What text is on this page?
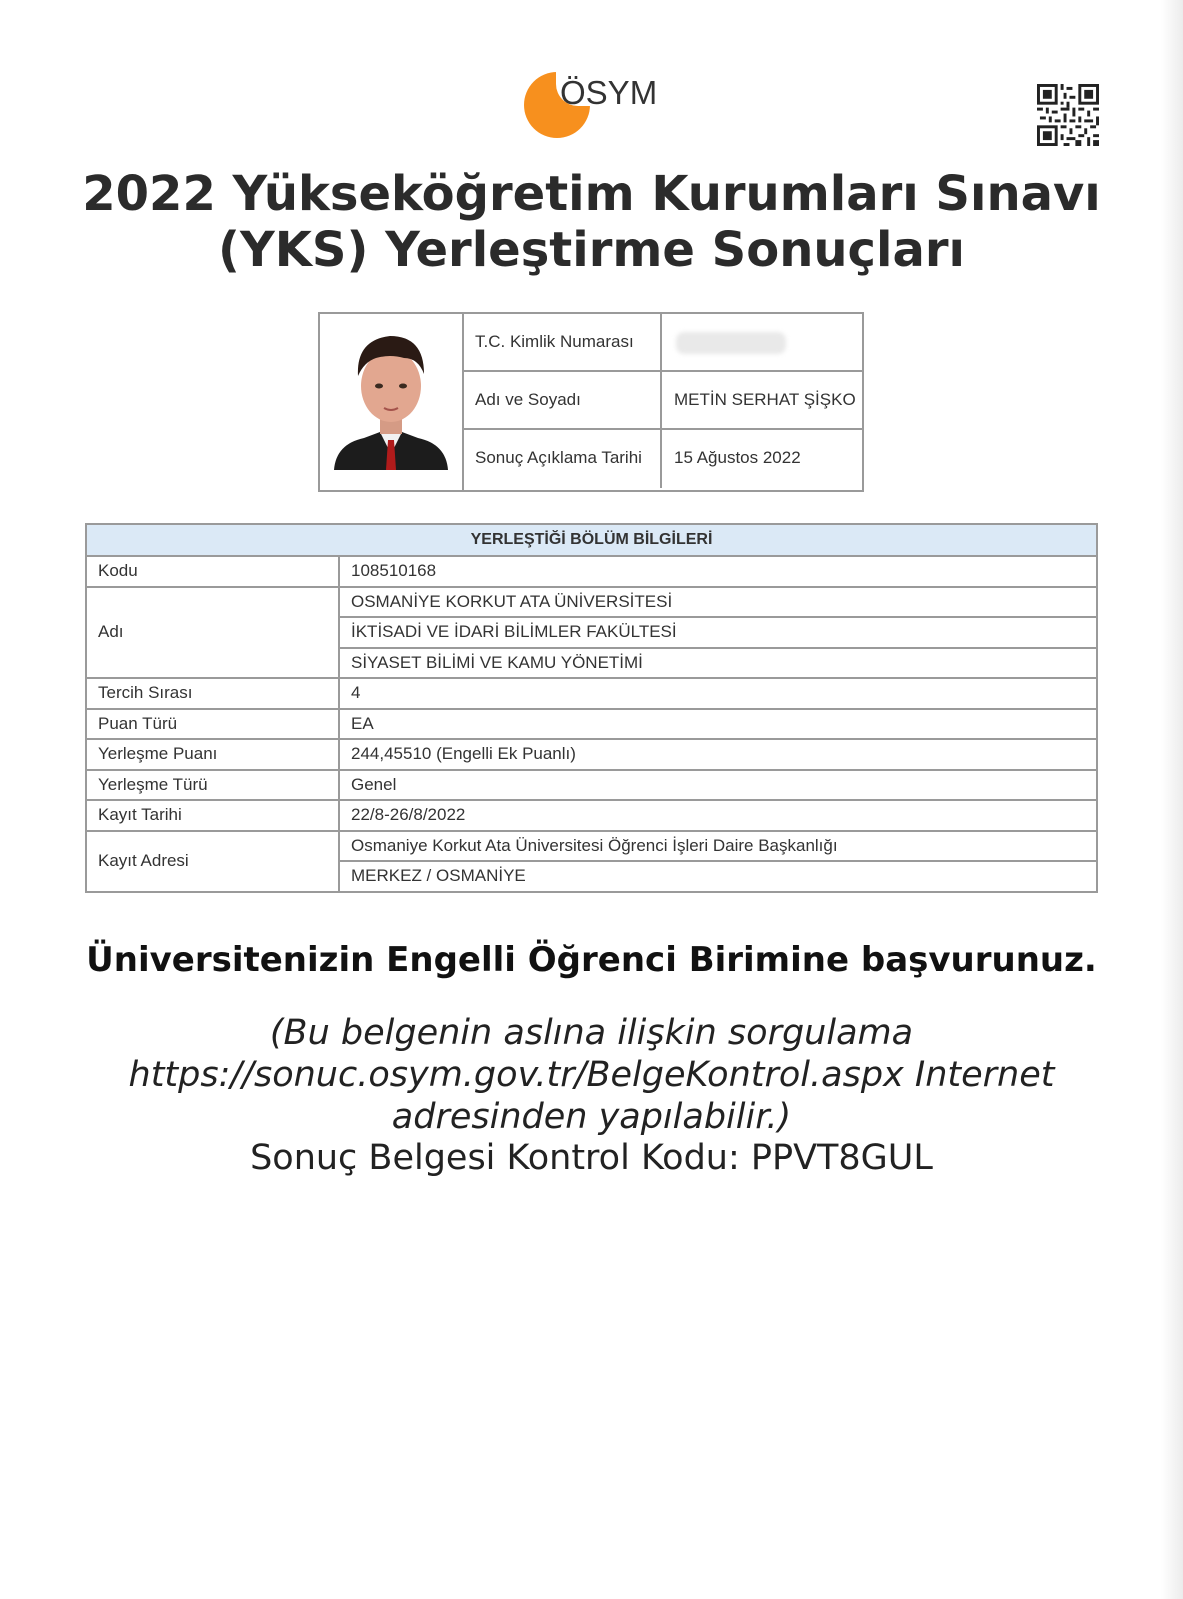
ÖSYM
2022 Yükseköğretim Kurumları Sınavı
(YKS) Yerleştirme Sonuçları
T.C. Kimlik Numarası
Adı ve Soyadı	METİN SERHAT ŞİŞKO
Sonuç Açıklama Tarihi	15 Ağustos 2022
YERLEŞTİĞİ BÖLÜM BİLGİLERİ	
Kodu	108510168
Adı	OSMANİYE KORKUT ATA ÜNİVERSİTESİ
	İKTİSADİ VE İDARİ BİLİMLER FAKÜLTESİ
	SİYASET BİLİMİ VE KAMU YÖNETİMİ
Tercih Sırası	4
Puan Türü	EA
Yerleşme Puanı	244,45510 (Engelli Ek Puanlı)
Yerleşme Türü	Genel
Kayıt Tarihi	22/8-26/8/2022
Kayıt Adresi	Osmaniye Korkut Ata Üniversitesi Öğrenci İşleri Daire Başkanlığı
	MERKEZ / OSMANİYE
Üniversitenizin Engelli Öğrenci Birimine başvurunuz.
(Bu belgenin aslına ilişkin sorgulama
https://sonuc.osym.gov.tr/BelgeKontrol.aspx Internet
adresinden yapılabilir.)
Sonuç Belgesi Kontrol Kodu: PPVT8GUL
